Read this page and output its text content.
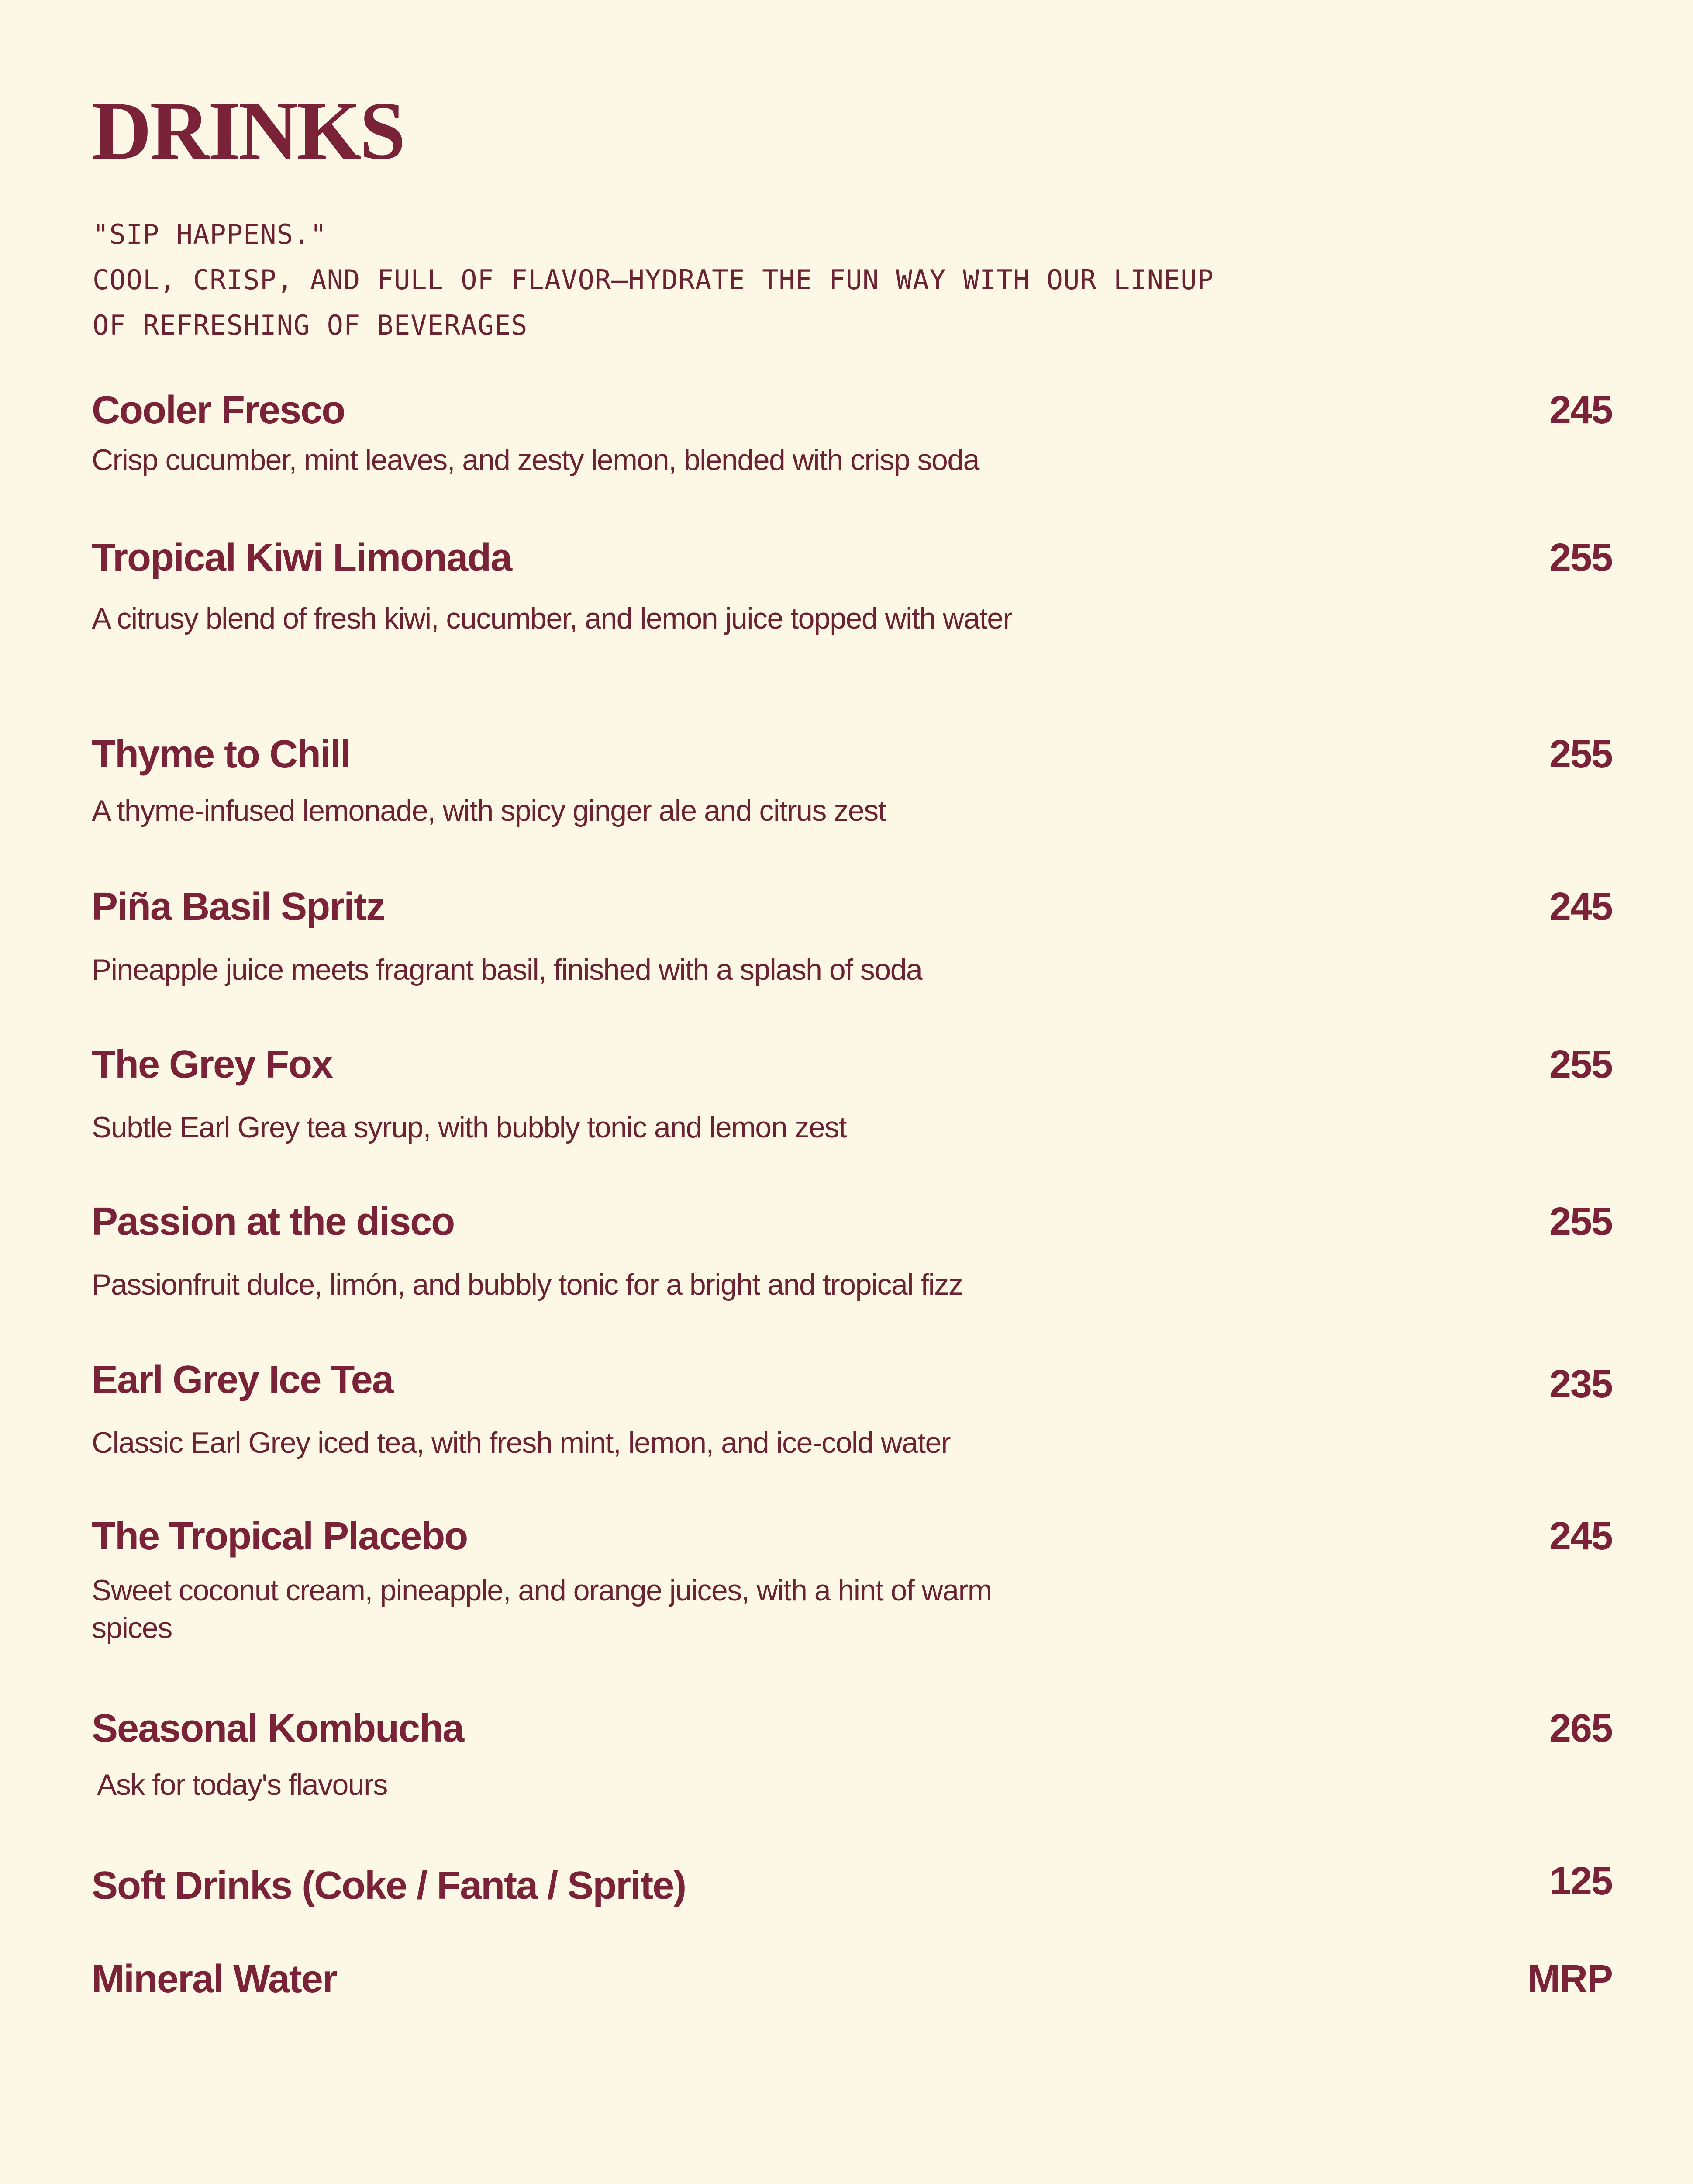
DRINKS
"SIP HAPPENS."
COOL, CRISP, AND FULL OF FLAVOR—HYDRATE THE FUN WAY WITH OUR LINEUP
OF REFRESHING OF BEVERAGES
Cooler Fresco	245
Crisp cucumber, mint leaves, and zesty lemon, blended with crisp soda
Tropical Kiwi Limonada	255
A citrusy blend of fresh kiwi, cucumber, and lemon juice topped with water
Thyme to Chill	255
A thyme-infused lemonade, with spicy ginger ale and citrus zest
Piña Basil Spritz	245
Pineapple juice meets fragrant basil, finished with a splash of soda
The Grey Fox	255
Subtle Earl Grey tea syrup, with bubbly tonic and lemon zest
Passion at the disco	255
Passionfruit dulce, limón, and bubbly tonic for a bright and tropical fizz
Earl Grey Ice Tea	235
Classic Earl Grey iced tea, with fresh mint, lemon, and ice-cold water
The Tropical Placebo	245
Sweet coconut cream, pineapple, and orange juices, with a hint of warm spices
Seasonal Kombucha	265
Ask for today's flavours
Soft Drinks (Coke / Fanta / Sprite)	125
Mineral Water	MRP
